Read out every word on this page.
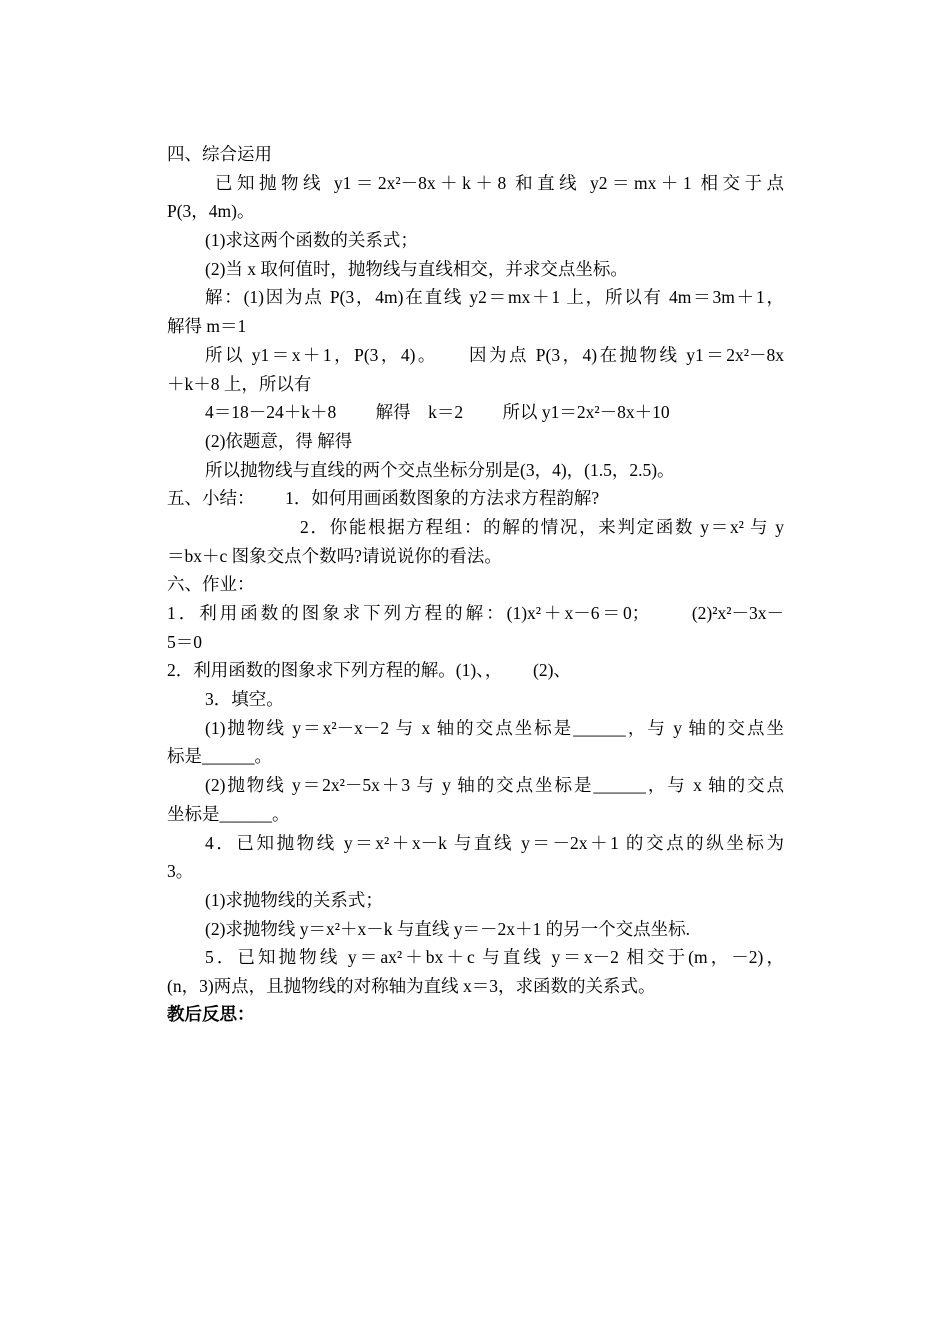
四、综合运用
已知抛物线 y1＝2x²－8x＋k＋8 和直线 y2＝mx＋1 相交于点
P(3，4m)。
(1)求这两个函数的关系式；
(2)当 x 取何值时，抛物线与直线相交，并求交点坐标。
解：(1)因为点 P(3，4m)在直线 y2＝mx＋1 上，所以有 4m＝3m＋1，
解得 m＝1
所以 y1＝x＋1，P(3，4)。　　因为点 P(3，4)在抛物线 y1＝2x²－8x
＋k＋8 上，所以有
4＝18－24＋k＋8　　 解得　k＝2　　 所以 y1＝2x²－8x＋10
(2)依题意，得 解得
所以抛物线与直线的两个交点坐标分别是(3，4)，(1.5，2.5)。
五、小结：　　 1．如何用画函数图象的方法求方程韵解?
2．你能根据方程组：的解的情况，来判定函数 y＝x² 与 y
＝bx＋c 图象交点个数吗?请说说你的看法。
六、作业：
1．利用函数的图象求下列方程的解：(1)x²＋x－6＝0；　　 (2)²x²－3x－
5＝0
2．利用函数的图象求下列方程的解。(1)、，　　 (2)、
3．填空。
(1)抛物线 y＝x²－x－2 与 x 轴的交点坐标是______，与 y 轴的交点坐
标是______。
(2)抛物线 y＝2x²－5x＋3 与 y 轴的交点坐标是______，与 x 轴的交点
坐标是______。
4．已知抛物线 y＝x²＋x－k 与直线 y＝－2x＋1 的交点的纵坐标为
3。
(1)求抛物线的关系式；
(2)求抛物线 y＝x²＋x－k 与直线 y＝－2x＋1 的另一个交点坐标.
5．已知抛物线 y＝ax²＋bx＋c 与直线 y＝x－2 相交于(m，－2)，
(n，3)两点，且抛物线的对称轴为直线 x＝3，求函数的关系式。
教后反思：
